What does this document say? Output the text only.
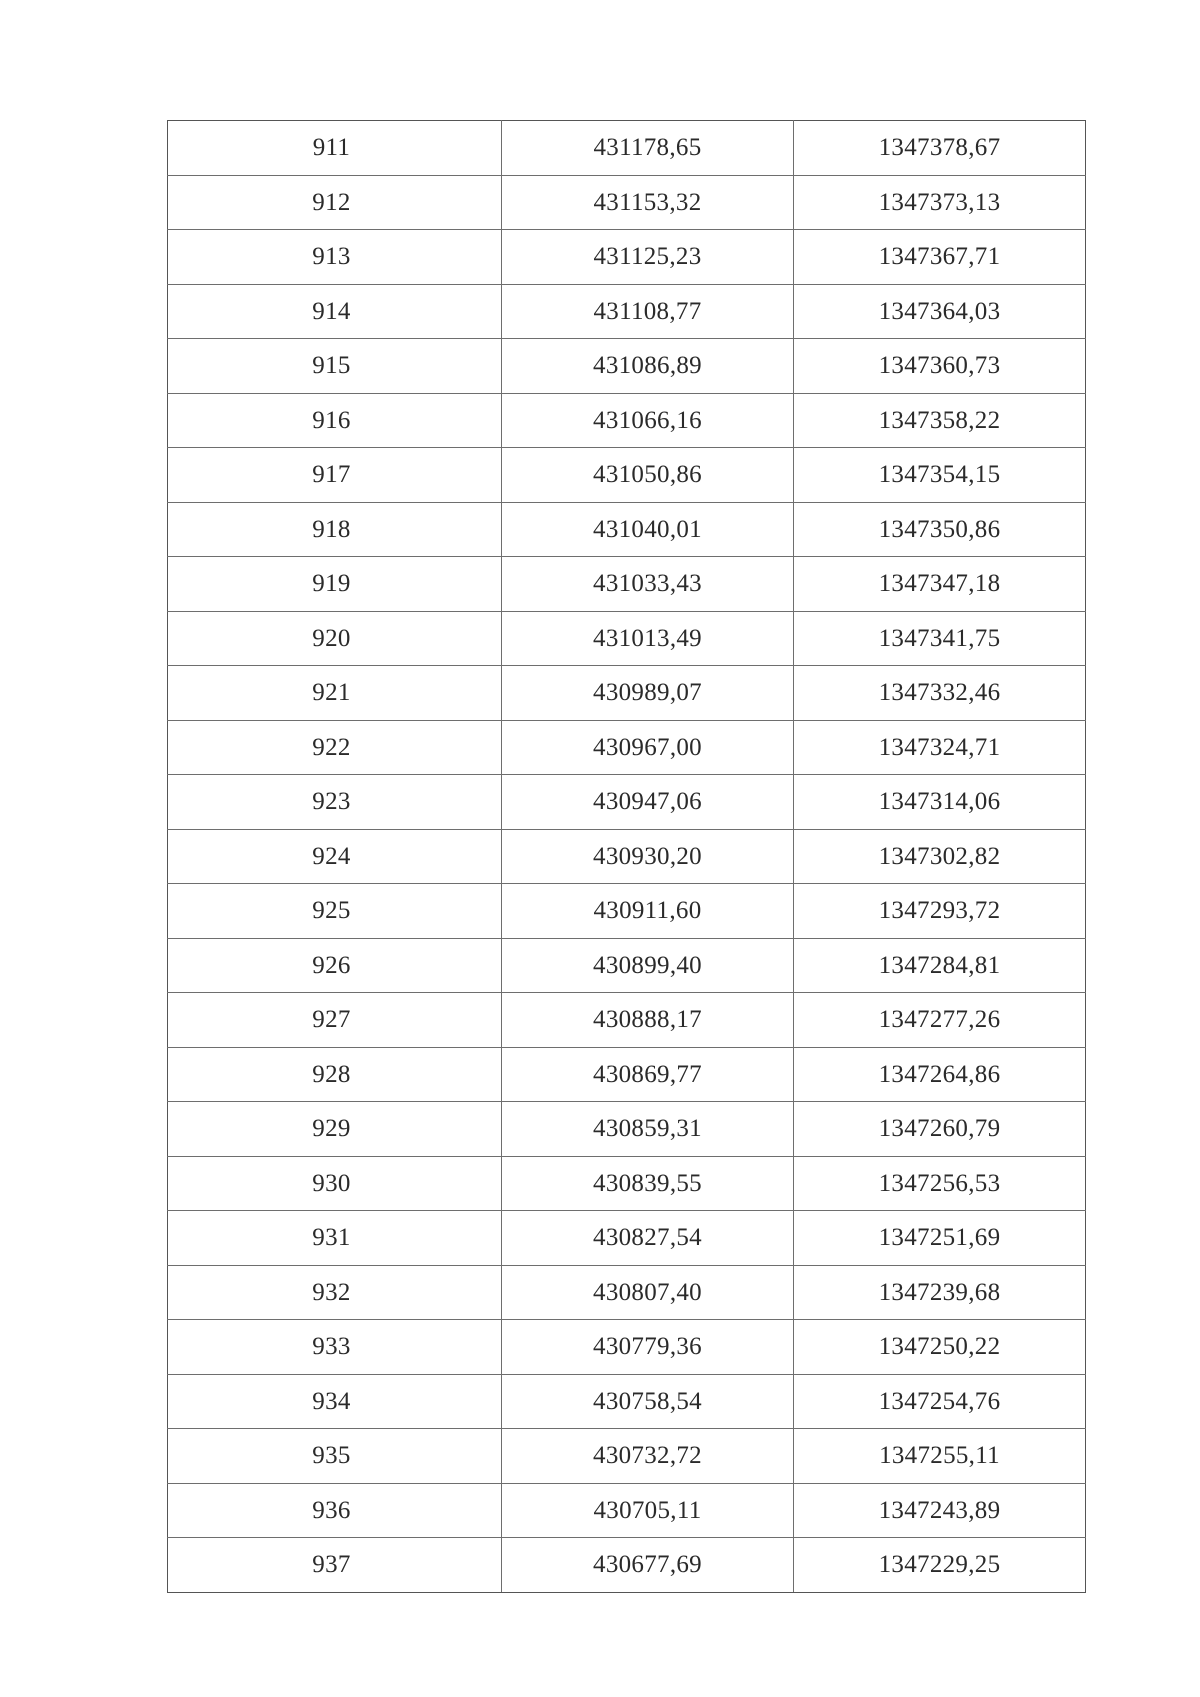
911	431178,65	1347378,67
912	431153,32	1347373,13
913	431125,23	1347367,71
914	431108,77	1347364,03
915	431086,89	1347360,73
916	431066,16	1347358,22
917	431050,86	1347354,15
918	431040,01	1347350,86
919	431033,43	1347347,18
920	431013,49	1347341,75
921	430989,07	1347332,46
922	430967,00	1347324,71
923	430947,06	1347314,06
924	430930,20	1347302,82
925	430911,60	1347293,72
926	430899,40	1347284,81
927	430888,17	1347277,26
928	430869,77	1347264,86
929	430859,31	1347260,79
930	430839,55	1347256,53
931	430827,54	1347251,69
932	430807,40	1347239,68
933	430779,36	1347250,22
934	430758,54	1347254,76
935	430732,72	1347255,11
936	430705,11	1347243,89
937	430677,69	1347229,25
